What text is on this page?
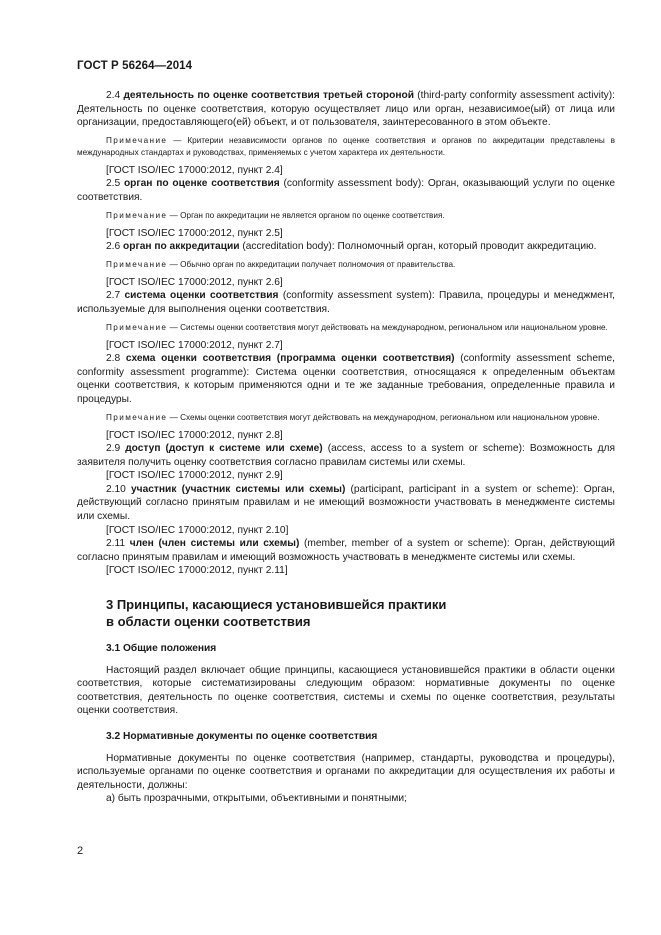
ГОСТ Р 56264—2014

2.4 деятельность по оценке соответствия третьей стороной (third-party conformity assessment activity): Деятельность по оценке соответствия, которую осуществляет лицо или орган, независимое(ый) от лица или организации, предоставляющего(ей) объект, и от пользователя, заинтересованного в этом объекте.

Примечание — Критерии независимости органов по оценке соответствия и органов по аккредитации представлены в международных стандартах и руководствах, применяемых с учетом характера их деятельности.

[ГОСТ ISO/IEC 17000:2012, пункт 2.4]

2.5 орган по оценке соответствия (conformity assessment body): Орган, оказывающий услуги по оценке соответствия.

Примечание — Орган по аккредитации не является органом по оценке соответствия.

[ГОСТ ISO/IEC 17000:2012, пункт 2.5]

2.6 орган по аккредитации (accreditation body): Полномочный орган, который проводит аккредитацию.

Примечание — Обычно орган по аккредитации получает полномочия от правительства.

[ГОСТ ISO/IEC 17000:2012, пункт 2.6]

2.7 система оценки соответствия (conformity assessment system): Правила, процедуры и менеджмент, используемые для выполнения оценки соответствия.

Примечание — Системы оценки соответствия могут действовать на международном, региональном или национальном уровне.

[ГОСТ ISO/IEC 17000:2012, пункт 2.7]

2.8 схема оценки соответствия (программа оценки соответствия) (conformity assessment scheme, conformity assessment programme): Система оценки соответствия, относящаяся к определенным объектам оценки соответствия, к которым применяются одни и те же заданные требования, определенные правила и процедуры.

Примечание — Схемы оценки соответствия могут действовать на международном, региональном или национальном уровне.

[ГОСТ ISO/IEC 17000:2012, пункт 2.8]

2.9 доступ (доступ к системе или схеме) (access, access to a system or scheme): Возможность для заявителя получить оценку соответствия согласно правилам системы или схемы.

[ГОСТ ISO/IEC 17000:2012, пункт 2.9]

2.10 участник (участник системы или схемы) (participant, participant in a system or scheme): Орган, действующий согласно принятым правилам и не имеющий возможности участвовать в менеджменте системы или схемы.

[ГОСТ ISO/IEC 17000:2012, пункт 2.10]

2.11 член (член системы или схемы) (member, member of a system or scheme): Орган, действующий согласно принятым правилам и имеющий возможность участвовать в менеджменте системы или схемы.

[ГОСТ ISO/IEC 17000:2012, пункт 2.11]

3 Принципы, касающиеся установившейся практики
в области оценки соответствия
3.1 Общие положения

Настоящий раздел включает общие принципы, касающиеся установившейся практики в области оценки соответствия, которые систематизированы следующим образом: нормативные документы по оценке соответствия, деятельность по оценке соответствия, системы и схемы по оценке соответствия, результаты оценки соответствия.

3.2 Нормативные документы по оценке соответствия

Нормативные документы по оценке соответствия (например, стандарты, руководства и процедуры), используемые органами по оценке соответствия и органами по аккредитации для осуществления их работы и деятельности, должны:

а) быть прозрачными, открытыми, объективными и понятными;

2
